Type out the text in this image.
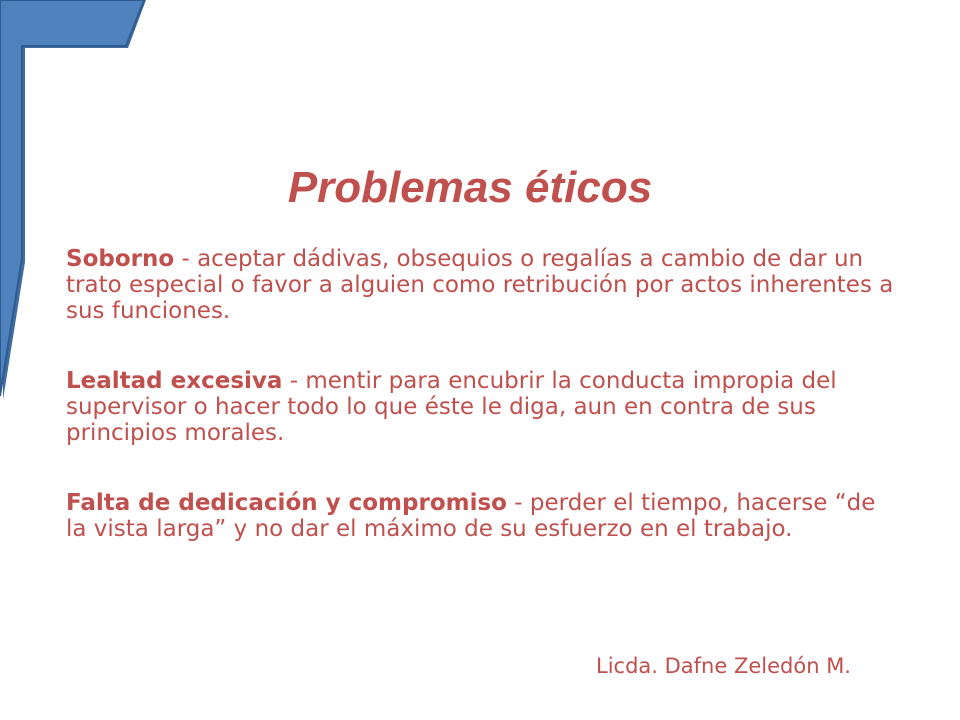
Problemas éticos

Soborno - aceptar dádivas, obsequios o regalías a cambio de dar un trato especial o favor a alguien como retribución por actos inherentes a sus funciones.

Lealtad excesiva - mentir para encubrir la conducta impropia del supervisor o hacer todo lo que éste le diga, aun en contra de sus principios morales.

Falta de dedicación y compromiso - perder el tiempo, hacerse “de la vista larga” y no dar el máximo de su esfuerzo en el trabajo.

Licda. Dafne Zeledón M.
